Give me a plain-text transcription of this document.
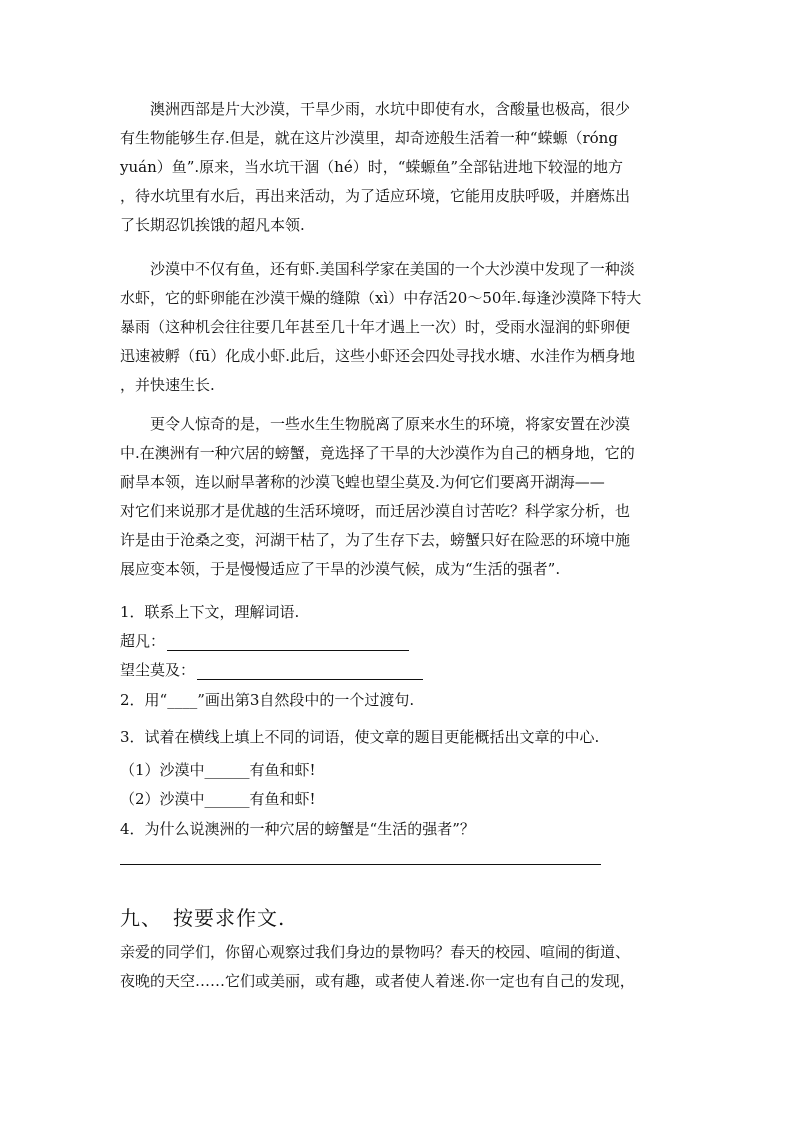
　　澳洲西部是片大沙漠，干旱少雨，水坑中即使有水，含酸量也极高，很少
有生物能够生存.但是，就在这片沙漠里，却奇迹般生活着一种“蝾螈（róng
yuán）鱼”.原来，当水坑干涸（hé）时，“蝾螈鱼”全部钻进地下较湿的地方
，待水坑里有水后，再出来活动，为了适应环境，它能用皮肤呼吸，并磨炼出
了长期忍饥挨饿的超凡本领.
　　沙漠中不仅有鱼，还有虾.美国科学家在美国的一个大沙漠中发现了一种淡
水虾，它的虾卵能在沙漠干燥的缝隙（xì）中存活20～50年.每逢沙漠降下特大
暴雨（这种机会往往要几年甚至几十年才遇上一次）时，受雨水湿润的虾卵便
迅速被孵（fū）化成小虾.此后，这些小虾还会四处寻找水塘、水洼作为栖身地
，并快速生长.
　　更令人惊奇的是，一些水生生物脱离了原来水生的环境，将家安置在沙漠
中.在澳洲有一种穴居的螃蟹，竟选择了干旱的大沙漠作为自己的栖身地，它的
耐旱本领，连以耐旱著称的沙漠飞蝗也望尘莫及.为何它们要离开湖海——
对它们来说那才是优越的生活环境呀，而迁居沙漠自讨苦吃？科学家分析，也
许是由于沧桑之变，河湖干枯了，为了生存下去，螃蟹只好在险恶的环境中施
展应变本领，于是慢慢适应了干旱的沙漠气候，成为“生活的强者”.

1．联系上下文，理解词语.

超凡：

望尘莫及：

2．用“____”画出第3自然段中的一个过渡句.

3．试着在横线上填上不同的词语，使文章的题目更能概括出文章的中心.

（1）沙漠中______有鱼和虾!

（2）沙漠中______有鱼和虾!

4．为什么说澳洲的一种穴居的螃蟹是“生活的强者”？

九、　按要求作文.

亲爱的同学们，你留心观察过我们身边的景物吗？春天的校园、喧闹的街道、
夜晚的天空……它们或美丽，或有趣，或者使人着迷.你一定也有自己的发现，
